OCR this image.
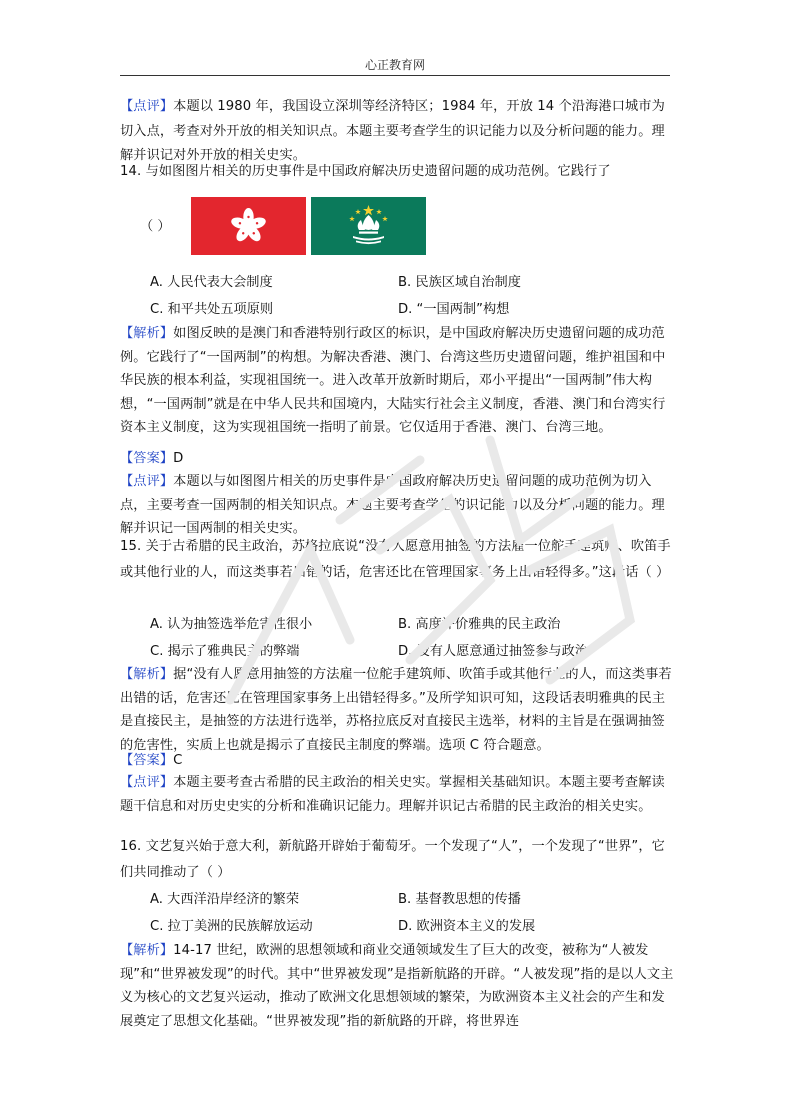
心正教育网
【点评】本题以 1980 年，我国设立深圳等经济特区；1984 年，开放 14 个沿海港口城市为切入点，考查对外开放的相关知识点。本题主要考查学生的识记能力以及分析问题的能力。理解并识记对外开放的相关史实。
14. 与如图图片相关的历史事件是中国政府解决历史遗留问题的成功范例。它践行了
（ ）
A. 人民代表大会制度	B. 民族区域自治制度
C. 和平共处五项原则	D. “一国两制”构想
【解析】如图反映的是澳门和香港特别行政区的标识，是中国政府解决历史遗留问题的成功范例。它践行了“一国两制”的构想。为解决香港、澳门、台湾这些历史遗留问题，维护祖国和中华民族的根本利益，实现祖国统一。进入改革开放新时期后，邓小平提出“一国两制”伟大构想，“一国两制”就是在中华人民共和国境内，大陆实行社会主义制度，香港、澳门和台湾实行资本主义制度，这为实现祖国统一指明了前景。它仅适用于香港、澳门、台湾三地。
【答案】D
【点评】本题以与如图图片相关的历史事件是中国政府解决历史遗留问题的成功范例为切入点，主要考查一国两制的相关知识点。本题主要考查学生的识记能力以及分析问题的能力。理解并识记一国两制的相关史实。
15. 关于古希腊的民主政治，苏格拉底说“没有人愿意用抽签的方法雇一位舵手建筑师、吹笛手或其他行业的人，而这类事若出错的话，危害还比在管理国家事务上出错轻得多。”这段话（ ）
A. 认为抽签选举危害性很小	B. 高度评价雅典的民主政治
C. 揭示了雅典民主的弊端	D. 没有人愿意通过抽签参与政治
【解析】据“没有人愿意用抽签的方法雇一位舵手建筑师、吹笛手或其他行业的人，而这类事若出错的话，危害还比在管理国家事务上出错轻得多。”及所学知识可知，这段话表明雅典的民主是直接民主，是抽签的方法进行选举，苏格拉底反对直接民主选举，材料的主旨是在强调抽签的危害性，实质上也就是揭示了直接民主制度的弊端。选项 C 符合题意。
【答案】C
【点评】本题主要考查古希腊的民主政治的相关史实。掌握相关基础知识。本题主要考查解读题干信息和对历史史实的分析和准确识记能力。理解并识记古希腊的民主政治的相关史实。
16. 文艺复兴始于意大利，新航路开辟始于葡萄牙。一个发现了“人”，一个发现了“世界”，它们共同推动了（ ）
A. 大西洋沿岸经济的繁荣	B. 基督教思想的传播
C. 拉丁美洲的民族解放运动	D. 欧洲资本主义的发展
【解析】14-17 世纪，欧洲的思想领域和商业交通领域发生了巨大的改变，被称为“人被发现”和“世界被发现”的时代。其中“世界被发现”是指新航路的开辟。“人被发现”指的是以人文主义为核心的文艺复兴运动，推动了欧洲文化思想领域的繁荣，为欧洲资本主义社会的产生和发展奠定了思想文化基础。“世界被发现”指的新航路的开辟，将世界连
